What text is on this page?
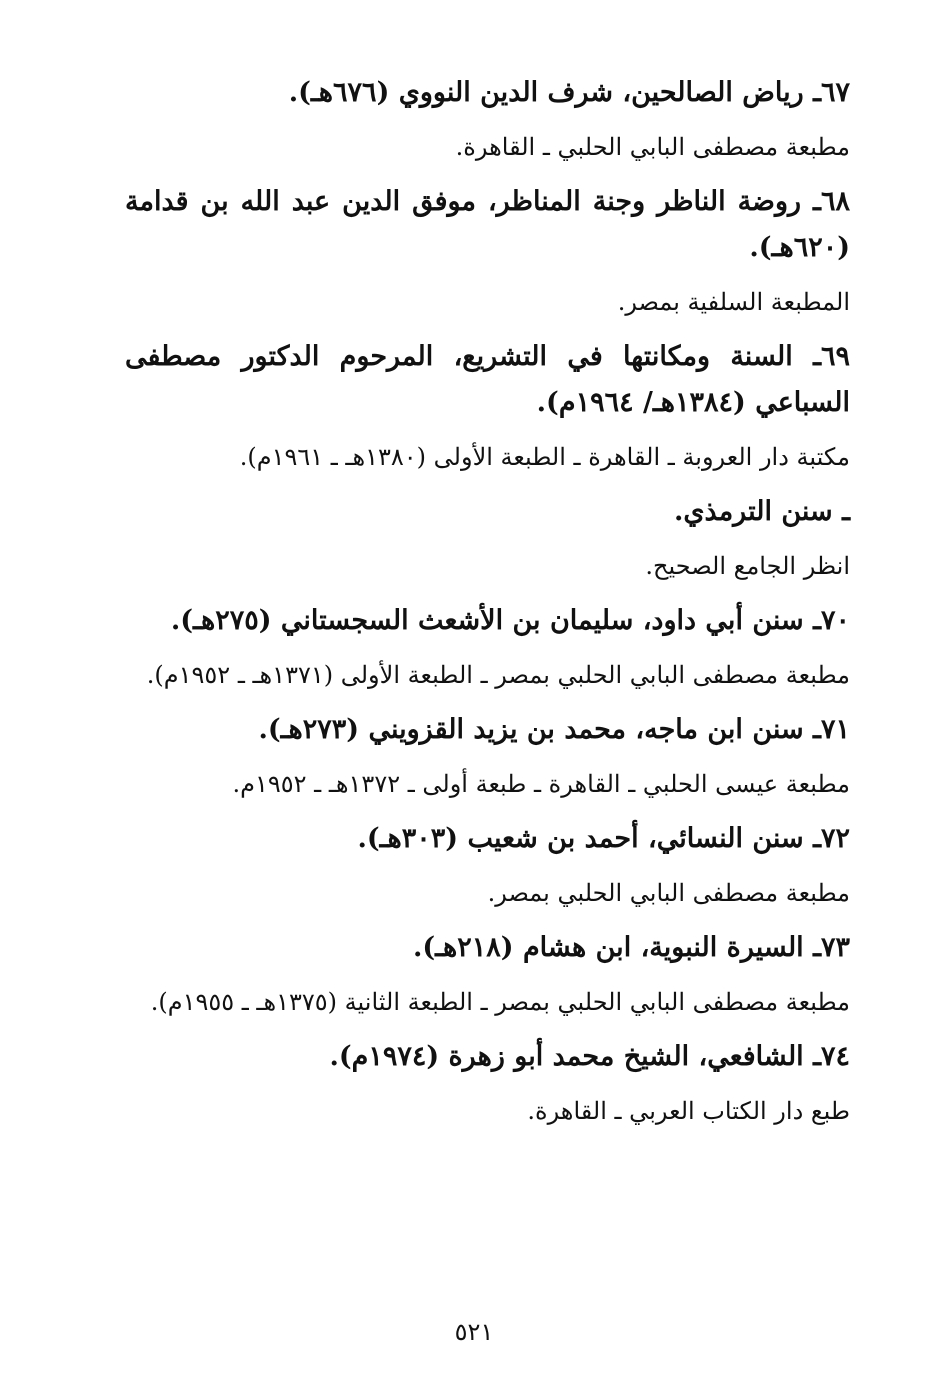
٦٧ـ رياض الصالحين، شرف الدين النووي (٦٧٦هـ).

مطبعة مصطفى البابي الحلبي ـ القاهرة.

٦٨ـ روضة الناظر وجنة المناظر، موفق الدين عبد الله بن قدامة (٦٢٠هـ).

المطبعة السلفية بمصر.

٦٩ـ السنة ومكانتها في التشريع، المرحوم الدكتور مصطفى السباعي (١٣٨٤هـ/ ١٩٦٤م).

مكتبة دار العروبة ـ القاهرة ـ الطبعة الأولى (١٣٨٠هـ ـ ١٩٦١م).

ـ سنن الترمذي.

انظر الجامع الصحيح.

٧٠ـ سنن أبي داود، سليمان بن الأشعث السجستاني (٢٧٥هـ).

مطبعة مصطفى البابي الحلبي بمصر ـ الطبعة الأولى (١٣٧١هـ ـ ١٩٥٢م).

٧١ـ سنن ابن ماجه، محمد بن يزيد القزويني (٢٧٣هـ).

مطبعة عيسى الحلبي ـ القاهرة ـ طبعة أولى ـ ١٣٧٢هـ ـ ١٩٥٢م.

٧٢ـ سنن النسائي، أحمد بن شعيب (٣٠٣هـ).

مطبعة مصطفى البابي الحلبي بمصر.

٧٣ـ السيرة النبوية، ابن هشام (٢١٨هـ).

مطبعة مصطفى البابي الحلبي بمصر ـ الطبعة الثانية (١٣٧٥هـ ـ ١٩٥٥م).

٧٤ـ الشافعي، الشيخ محمد أبو زهرة (١٩٧٤م).

طبع دار الكتاب العربي ـ القاهرة.

٥٢١
